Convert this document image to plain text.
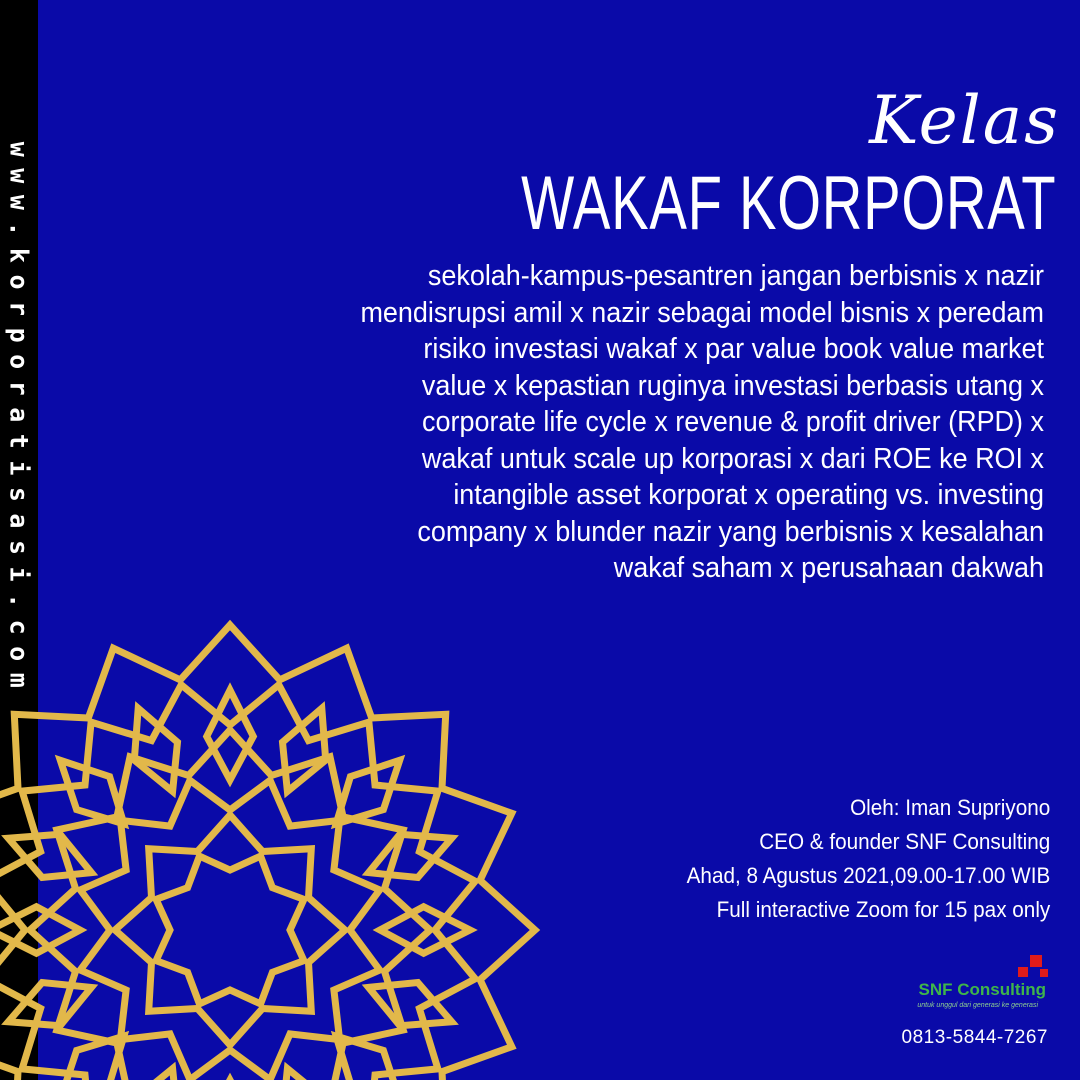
www.korporatisasi.com
Kelas
WAKAF KORPORAT
sekolah-kampus-pesantren jangan berbisnis x nazir
mendisrupsi amil x nazir sebagai model bisnis x peredam
risiko investasi wakaf x par value book value market
value x kepastian ruginya investasi berbasis utang x
corporate life cycle x revenue & profit driver (RPD) x
wakaf untuk scale up korporasi x dari ROE ke ROI x
intangible asset korporat x operating vs. investing
company x blunder nazir yang berbisnis x kesalahan
wakaf saham x perusahaan dakwah
Oleh: Iman Supriyono
CEO & founder SNF Consulting
Ahad, 8 Agustus 2021,09.00-17.00 WIB
Full interactive Zoom for 15 pax only
SNF Consulting
untuk unggul dari generasi ke generasi
0813-5844-7267
